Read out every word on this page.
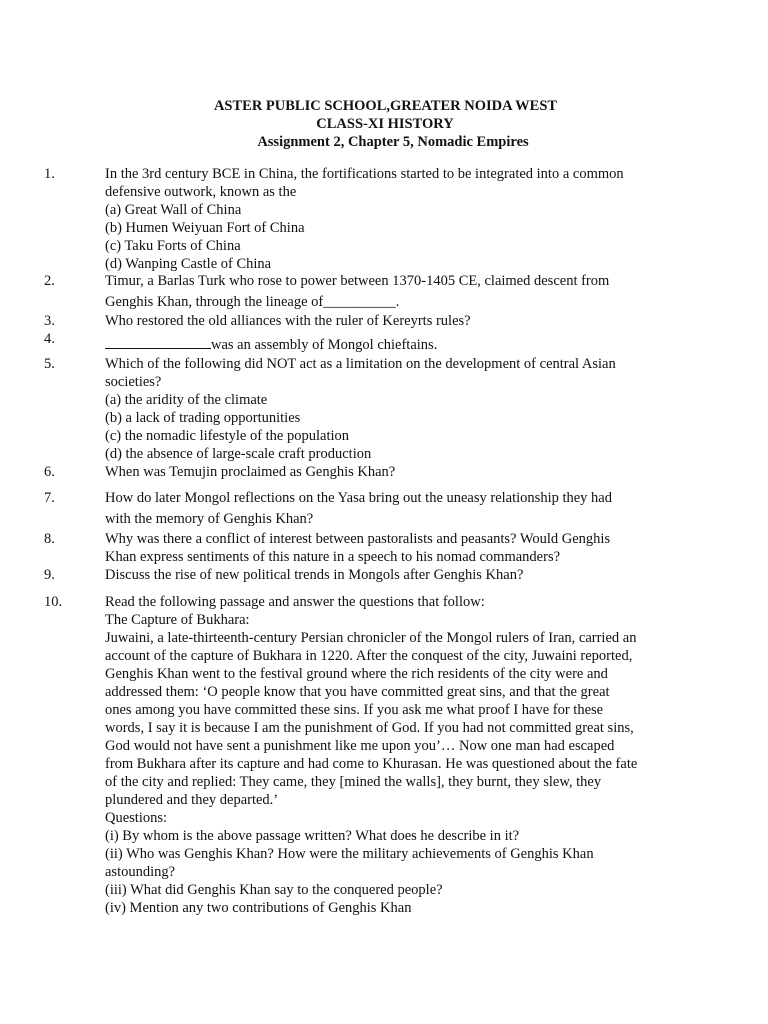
ASTER PUBLIC SCHOOL,GREATER NOIDA WEST
CLASS-XI HISTORY
Assignment 2, Chapter 5, Nomadic Empires
1.	In the 3rd century BCE in China, the fortifications started to be integrated into a common
defensive outwork, known as the
(a) Great Wall of China
(b) Humen Weiyuan Fort of China
(c) Taku Forts of China
(d) Wanping Castle of China
2.	Timur, a Barlas Turk who rose to power between 1370-1405 CE, claimed descent from
Genghis Khan, through the lineage of__________.
3.	Who restored the old alliances with the ruler of Kereyrts rules?
4.	was an assembly of Mongol chieftains.
5.	Which of the following did NOT act as a limitation on the development of central Asian
societies?
(a) the aridity of the climate
(b) a lack of trading opportunities
(c) the nomadic lifestyle of the population
(d) the absence of large-scale craft production
6.	When was Temujin proclaimed as Genghis Khan?
7.	How do later Mongol reflections on the Yasa bring out the uneasy relationship they had
with the memory of Genghis Khan?
8.	Why was there a conflict of interest between pastoralists and peasants? Would Genghis
Khan express sentiments of this nature in a speech to his nomad commanders?
9.	Discuss the rise of new political trends in Mongols after Genghis Khan?
10.	Read the following passage and answer the questions that follow:
The Capture of Bukhara:
Juwaini, a late-thirteenth-century Persian chronicler of the Mongol rulers of Iran, carried an
account of the capture of Bukhara in 1220. After the conquest of the city, Juwaini reported,
Genghis Khan went to the festival ground where the rich residents of the city were and
addressed them: ‘O people know that you have committed great sins, and that the great
ones among you have committed these sins. If you ask me what proof I have for these
words, I say it is because I am the punishment of God. If you had not committed great sins,
God would not have sent a punishment like me upon you’… Now one man had escaped
from Bukhara after its capture and had come to Khurasan. He was questioned about the fate
of the city and replied: They came, they [mined the walls], they burnt, they slew, they
plundered and they departed.’
Questions:
(i) By whom is the above passage written? What does he describe in it?
(ii) Who was Genghis Khan? How were the military achievements of Genghis Khan
astounding?
(iii) What did Genghis Khan say to the conquered people?
(iv) Mention any two contributions of Genghis Khan
